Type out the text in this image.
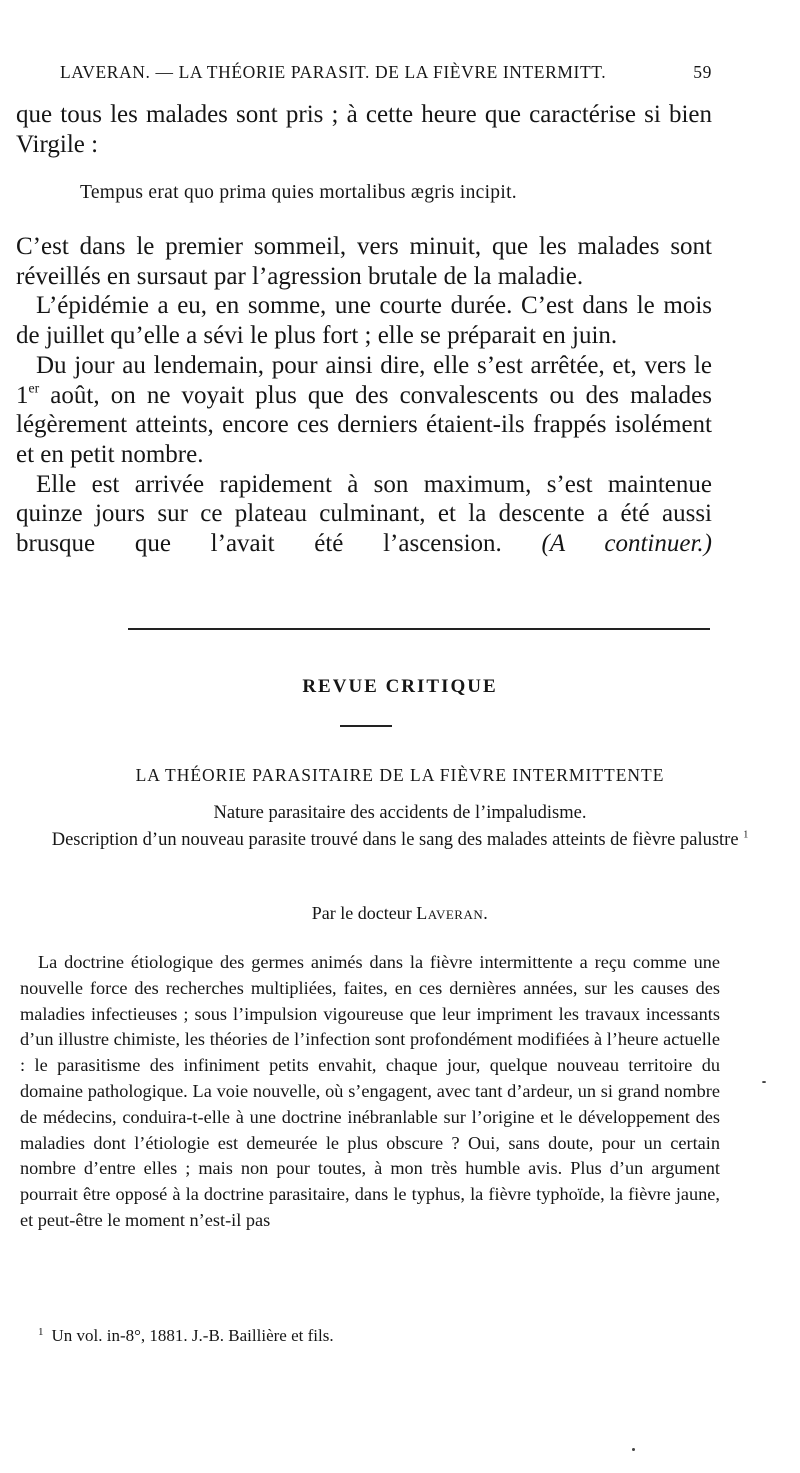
LAVERAN. — LA THÉORIE PARASIT. DE LA FIÈVRE INTERMITT.	59

que tous les malades sont pris ; à cette heure que caractérise si bien Virgile :

Tempus erat quo prima quies mortalibus ægris incipit.

C’est dans le premier sommeil, vers minuit, que les malades sont réveillés en sursaut par l’agression brutale de la maladie.

L’épidémie a eu, en somme, une courte durée. C’est dans le mois de juillet qu’elle a sévi le plus fort ; elle se préparait en juin.

Du jour au lendemain, pour ainsi dire, elle s’est arrêtée, et, vers le 1er août, on ne voyait plus que des convalescents ou des malades légèrement atteints, encore ces derniers étaient-ils frappés isolément et en petit nombre.

Elle est arrivée rapidement à son maximum, s’est maintenue quinze jours sur ce plateau culminant, et la descente a été aussi brusque que l’avait été l’ascension. (A continuer.)

REVUE CRITIQUE
LA THÉORIE PARASITAIRE DE LA FIÈVRE INTERMITTENTE
Nature parasitaire des accidents de l’impaludisme.
Description d’un nouveau parasite trouvé dans le sang des malades atteints de fièvre palustre $^1$
Par le docteur Laveran.

La doctrine étiologique des germes animés dans la fièvre intermittente a reçu comme une nouvelle force des recherches multipliées, faites, en ces dernières années, sur les causes des maladies infectieuses ; sous l’impulsion vigoureuse que leur impriment les travaux incessants d’un illustre chimiste, les théories de l’infection sont profondément modifiées à l’heure actuelle : le parasitisme des infiniment petits envahit, chaque jour, quelque nouveau territoire du domaine pathologique. La voie nouvelle, où s’engagent, avec tant d’ardeur, un si grand nombre de médecins, conduira-t-elle à une doctrine inébranlable sur l’origine et le développement des maladies dont l’étiologie est demeurée le plus obscure ? Oui, sans doute, pour un certain nombre d’entre elles ; mais non pour toutes, à mon très humble avis. Plus d’un argument pourrait être opposé à la doctrine parasitaire, dans le typhus, la fièvre typhoïde, la fièvre jaune, et peut-être le moment n’est-il pas

$^1$ Un vol. in-8°, 1881. J.-B. Baillière et fils.
